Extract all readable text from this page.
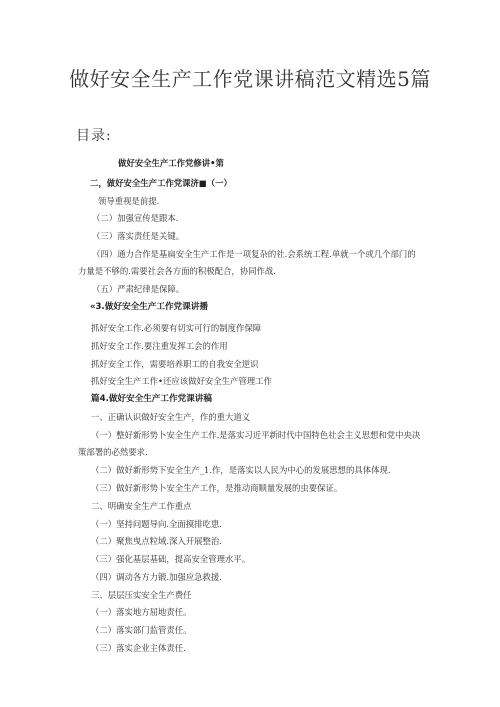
做好安全生产工作党课讲稿范文精选5篇
目录:
做好安全生产工作党修讲•第
二，做好安全生产工作党课济■（一）
领导重视是前提.
（二）加强宣传是跟本.
（三）落实责任是关键。
（四）通力合作是基扁安全生产工作是一项复杂的社.会系统工程.单就一个或几个部门的
力量是不够的.需要社会各方面的积极配合，协同作战.
（五）严肃纪律是保障。
«3.做好安全生产工作党课讲播
抓好安全工作.必须要有切实可行的制度作保障
抓好安全工作.要注重发挥工会的作用
抓好安全工作，需要培养职工的自我安全逆识
抓好安全生产工作•还应该做好安全生产管理工作
篇4.做好安全生产工作党课讲稿
一、正确认识做好安全生产，作的重大道义
（一）整好新形势卜安全生产工作.是落实习近平新时代中国特色社会主义思想和党中央决
策部署的必然要求.
（二）做好新形势下安全生产_1.作，是落实以人民为中心的发展思想的具体体现.
（三）做好新形势卜安全生产工作，是推动商顺量发展的虫要保证。
二、明确安全生产工作重点
（一）坚持问题导向.全面摸排吃患.
（二）聚焦曳点粒域.深入开展整治.
（三）强化基层基础，提高安全管理水平。
（四）调动各方力锻.加强应急救援.
三、层层压实安全生产费任
（一）落实地方屈地责任。
（二）落实部门监管责任。
（三）落实企业主体责任.
